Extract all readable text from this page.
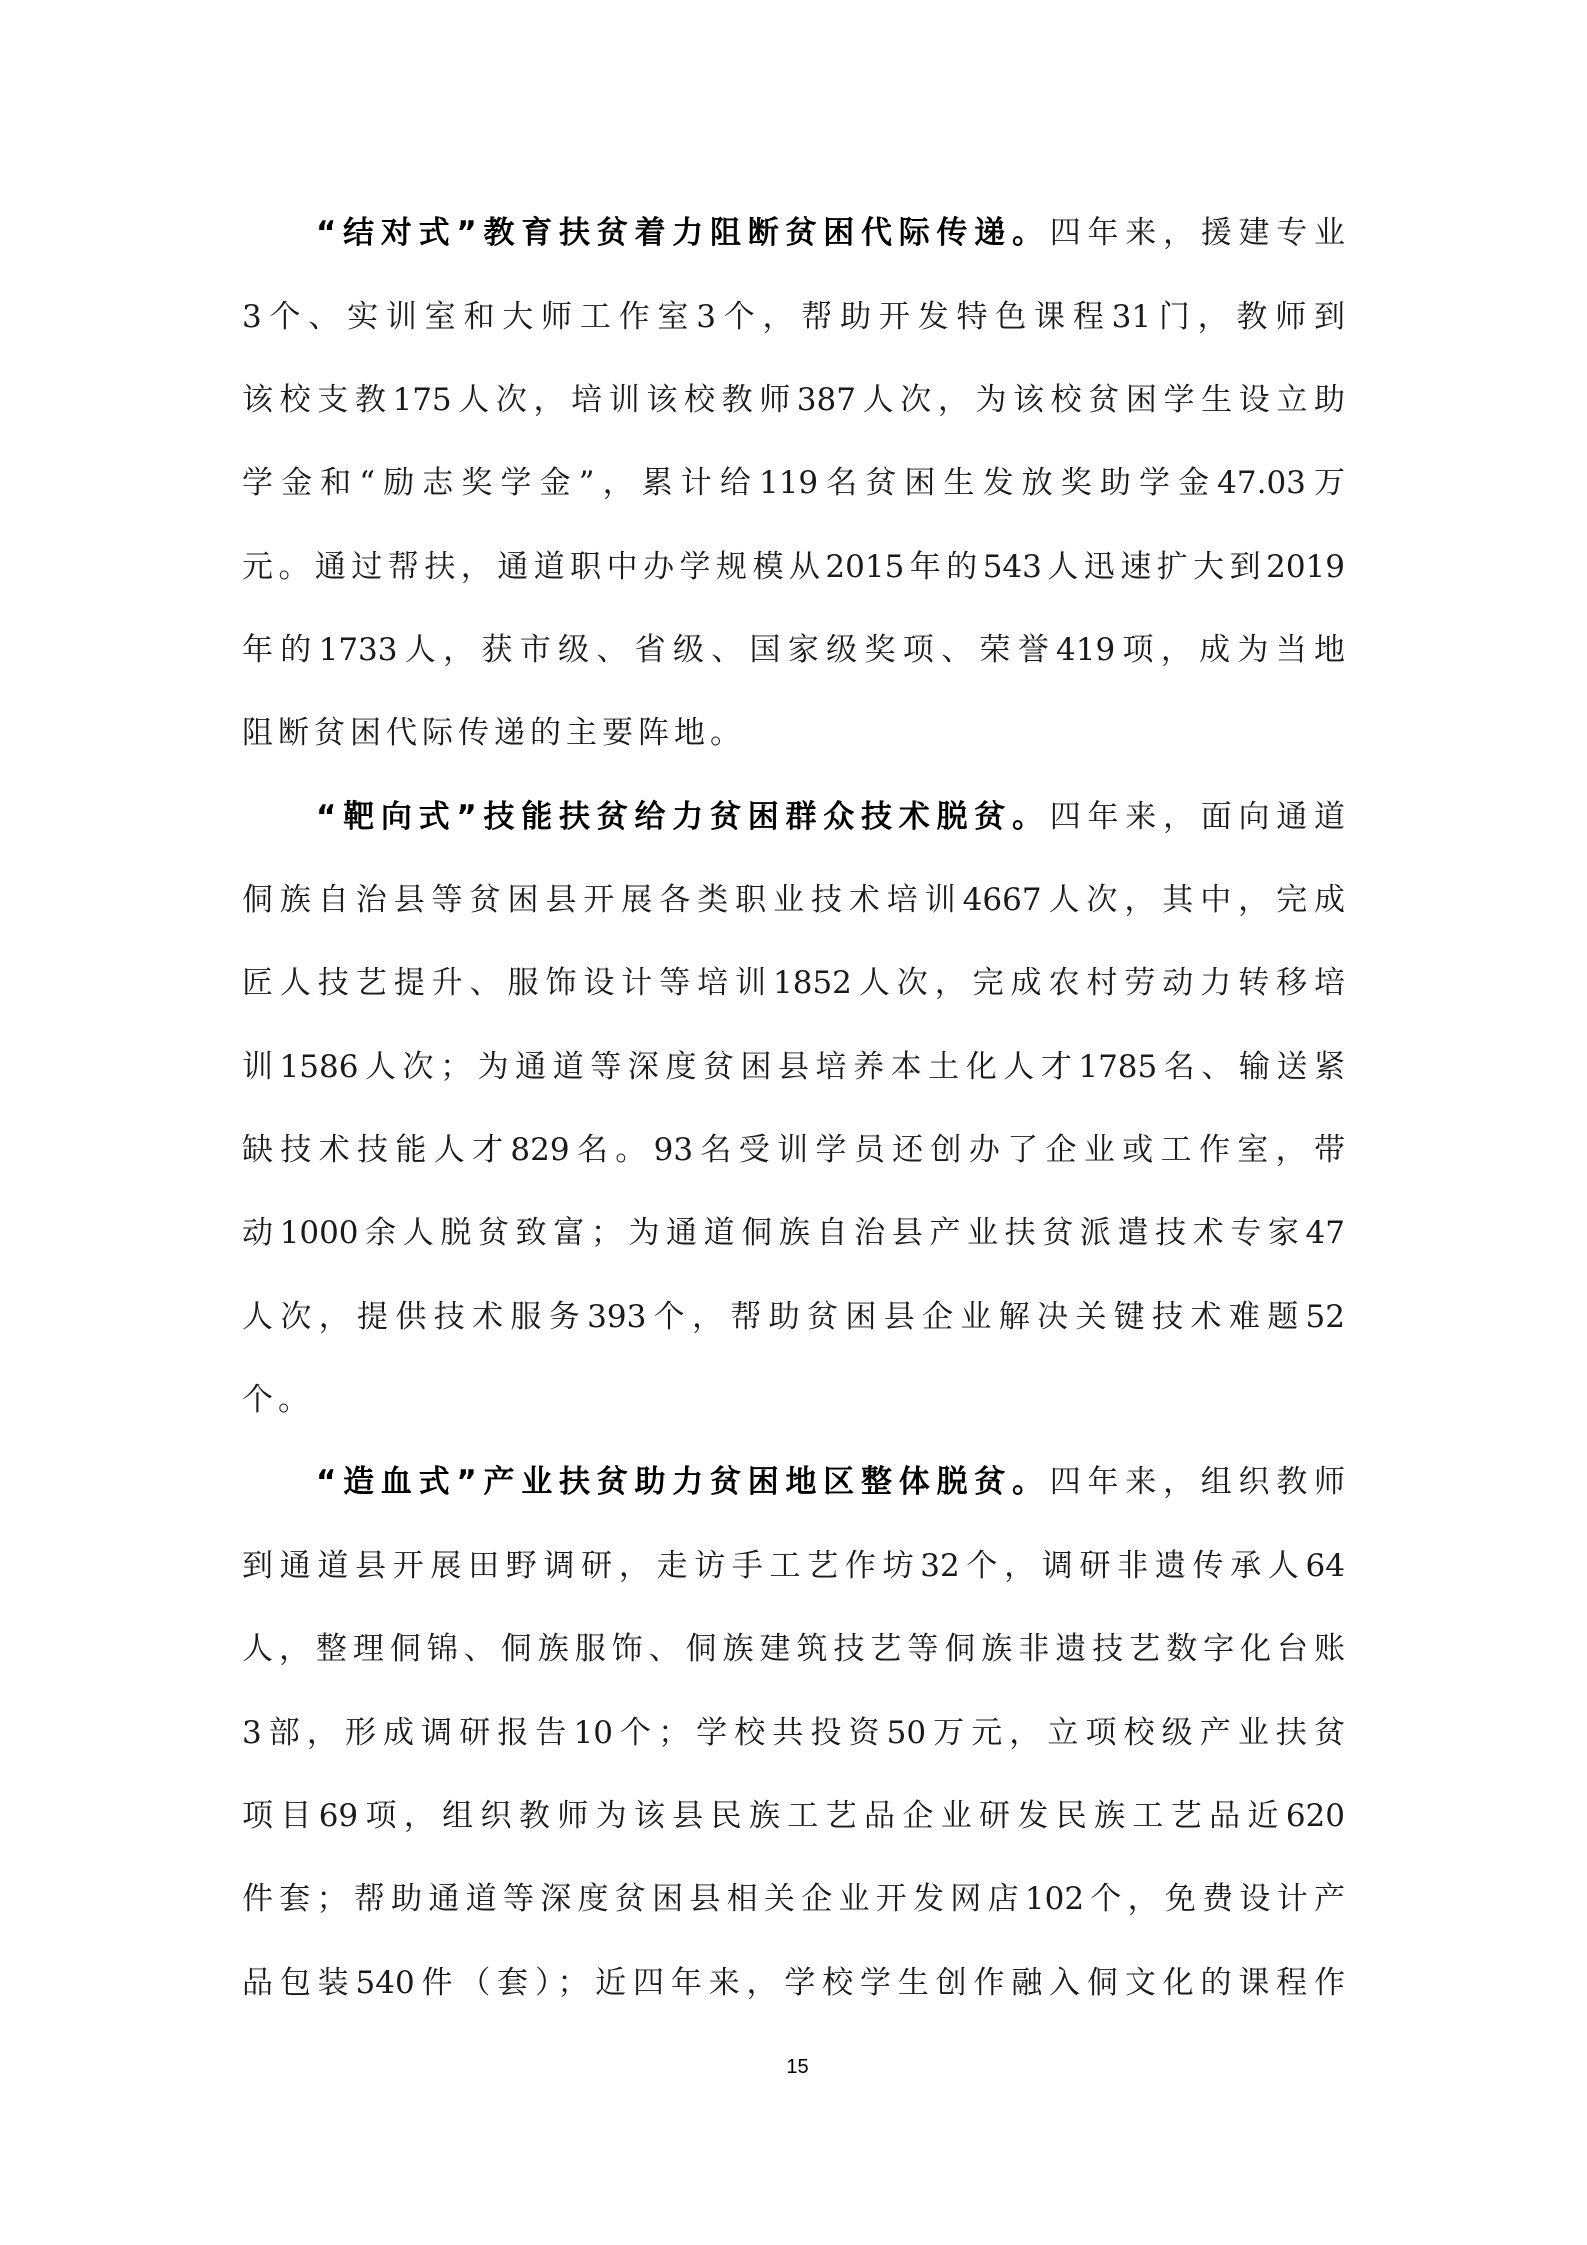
“结对式”教育扶贫着力阻断贫困代际传递。四年来，援建专业
3个、实训室和大师工作室3个，帮助开发特色课程31门，教师到
该校支教175人次，培训该校教师387人次，为该校贫困学生设立助
学金和“励志奖学金”，累计给119名贫困生发放奖助学金47.03万
元。通过帮扶，通道职中办学规模从2015年的543人迅速扩大到2019
年的1733人，获市级、省级、国家级奖项、荣誉419项，成为当地
阻断贫困代际传递的主要阵地。
“靶向式”技能扶贫给力贫困群众技术脱贫。四年来，面向通道
侗族自治县等贫困县开展各类职业技术培训4667人次，其中，完成
匠人技艺提升、服饰设计等培训1852人次，完成农村劳动力转移培
训1586人次；为通道等深度贫困县培养本土化人才1785名、输送紧
缺技术技能人才829名。93名受训学员还创办了企业或工作室，带
动1000余人脱贫致富；为通道侗族自治县产业扶贫派遣技术专家47
人次，提供技术服务393个，帮助贫困县企业解决关键技术难题52
个。
“造血式”产业扶贫助力贫困地区整体脱贫。四年来，组织教师
到通道县开展田野调研，走访手工艺作坊32个，调研非遗传承人64
人，整理侗锦、侗族服饰、侗族建筑技艺等侗族非遗技艺数字化台账
3部，形成调研报告10个；学校共投资50万元，立项校级产业扶贫
项目69项，组织教师为该县民族工艺品企业研发民族工艺品近620
件套；帮助通道等深度贫困县相关企业开发网店102个，免费设计产
品包装540件（套）；近四年来，学校学生创作融入侗文化的课程作
15
